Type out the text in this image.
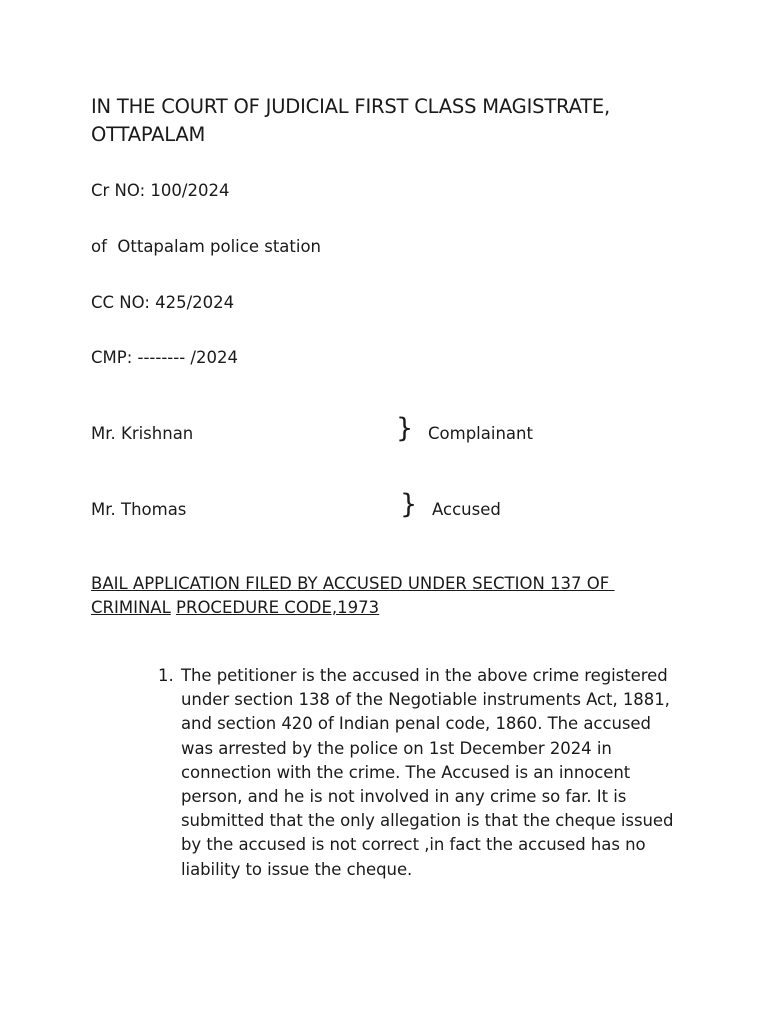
IN THE COURT OF JUDICIAL FIRST CLASS MAGISTRATE, OTTAPALAM
Cr NO: 100/2024
of  Ottapalam police station
CC NO: 425/2024
CMP: -------- /2024
Mr. Krishnan	} Complainant
Mr. Thomas	} Accused
BAIL APPLICATION FILED BY ACCUSED UNDER SECTION 137 OF
CRIMINAL PROCEDURE CODE,1973
1. The petitioner is the accused in the above crime registered under section 138 of the Negotiable instruments Act, 1881, and section 420 of Indian penal code, 1860. The accused was arrested by the police on 1st December 2024 in connection with the crime. The Accused is an innocent person, and he is not involved in any crime so far. It is submitted that the only allegation is that the cheque issued by the accused is not correct ,in fact the accused has no liability to issue the cheque.
